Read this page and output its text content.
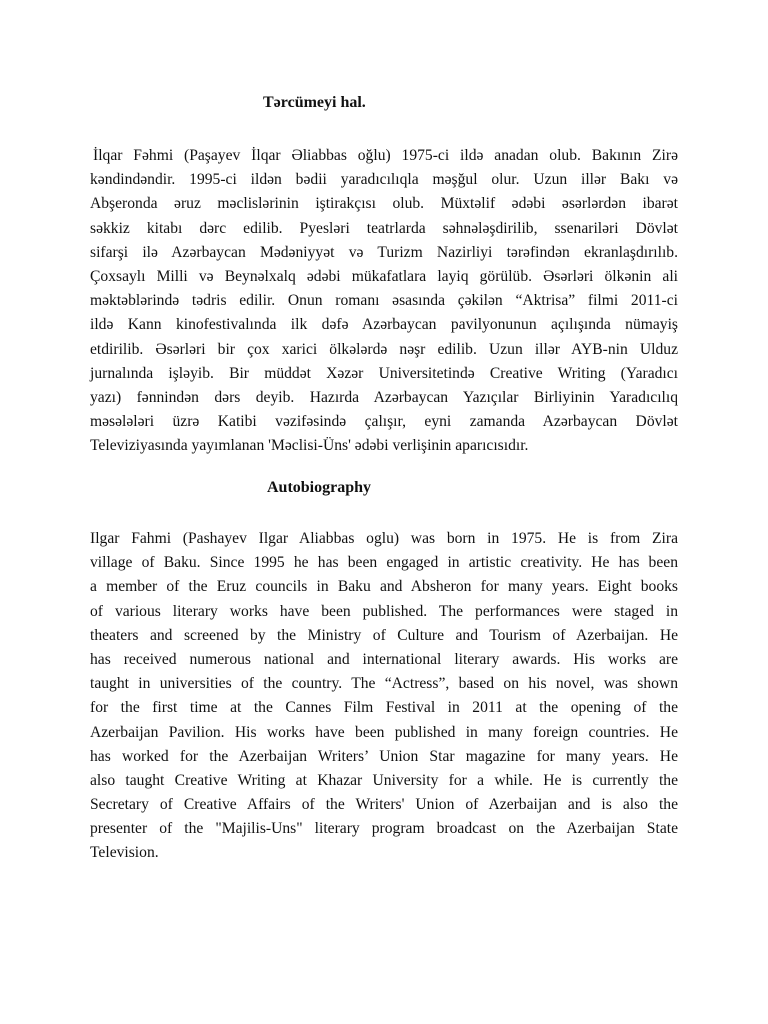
Tərcümeyi hal.
İlqar Fəhmi (Paşayev İlqar Əliabbas oğlu) 1975-ci ildə anadan olub. Bakının Zirə
kəndindəndir. 1995-ci ildən bədii yaradıcılıqla məşğul olur. Uzun illər Bakı və
Abşeronda əruz məclislərinin iştirakçısı olub. Müxtəlif ədəbi əsərlərdən ibarət
səkkiz kitabı dərc edilib. Pyesləri teatrlarda səhnələşdirilib, ssenariləri Dövlət
sifarşi ilə Azərbaycan Mədəniyyət və Turizm Nazirliyi tərəfindən ekranlaşdırılıb.
Çoxsaylı Milli və Beynəlxalq ədəbi mükafatlara layiq görülüb. Əsərləri ölkənin ali
məktəblərində tədris edilir. Onun romanı əsasında çəkilən “Aktrisa” filmi 2011-ci
ildə Kann kinofestivalında ilk dəfə Azərbaycan pavilyonunun açılışında nümayiş
etdirilib. Əsərləri bir çox xarici ölkələrdə nəşr edilib. Uzun illər AYB-nin Ulduz
jurnalında işləyib. Bir müddət Xəzər Universitetində Creative Writing (Yaradıcı
yazı) fənnindən dərs deyib. Hazırda Azərbaycan Yazıçılar Birliyinin Yaradıcılıq
məsələləri üzrə Katibi vəzifəsində çalışır, eyni zamanda Azərbaycan Dövlət
Televiziyasında yayımlanan 'Məclisi-Üns' ədəbi verlişinin aparıcısıdır.
Autobiography
Ilgar Fahmi (Pashayev Ilgar Aliabbas oglu) was born in 1975. He is from Zira
village of Baku. Since 1995 he has been engaged in artistic creativity. He has been
a member of the Eruz councils in Baku and Absheron for many years. Eight books
of various literary works have been published. The performances were staged in
theaters and screened by the Ministry of Culture and Tourism of Azerbaijan. He
has received numerous national and international literary awards. His works are
taught in universities of the country. The “Actress”, based on his novel, was shown
for the first time at the Cannes Film Festival in 2011 at the opening of the
Azerbaijan Pavilion. His works have been published in many foreign countries. He
has worked for the Azerbaijan Writers’ Union Star magazine for many years. He
also taught Creative Writing at Khazar University for a while. He is currently the
Secretary of Creative Affairs of the Writers' Union of Azerbaijan and is also the
presenter of the "Majilis-Uns" literary program broadcast on the Azerbaijan State
Television.
